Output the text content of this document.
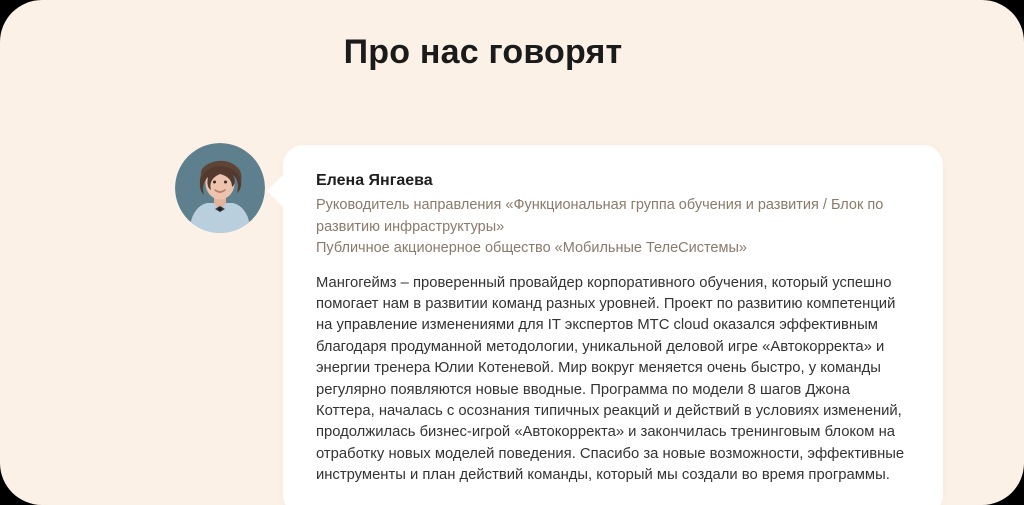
Про нас говорят
Елена Янгаева

Руководитель направления «Функциональная группа обучения и развития / Блок по развитию инфраструктуры»

Публичное акционерное общество «Мобильные ТелеСистемы»

Мангогеймз – проверенный провайдер корпоративного обучения, который успешно помогает нам в развитии команд разных уровней. Проект по развитию компетенций на управление изменениями для IT экспертов МТС cloud оказался эффективным благодаря продуманной методологии, уникальной деловой игре «Автокорректа» и энергии тренера Юлии Котеневой. Мир вокруг меняется очень быстро, у команды регулярно появляются новые вводные. Программа по модели 8 шагов Джона Коттера, началась с осознания типичных реакций и действий в условиях изменений, продолжилась бизнес-игрой «Автокорректа» и закончилась тренинговым блоком на отработку новых моделей поведения. Спасибо за новые возможности, эффективные инструменты и план действий команды, который мы создали во время программы.
